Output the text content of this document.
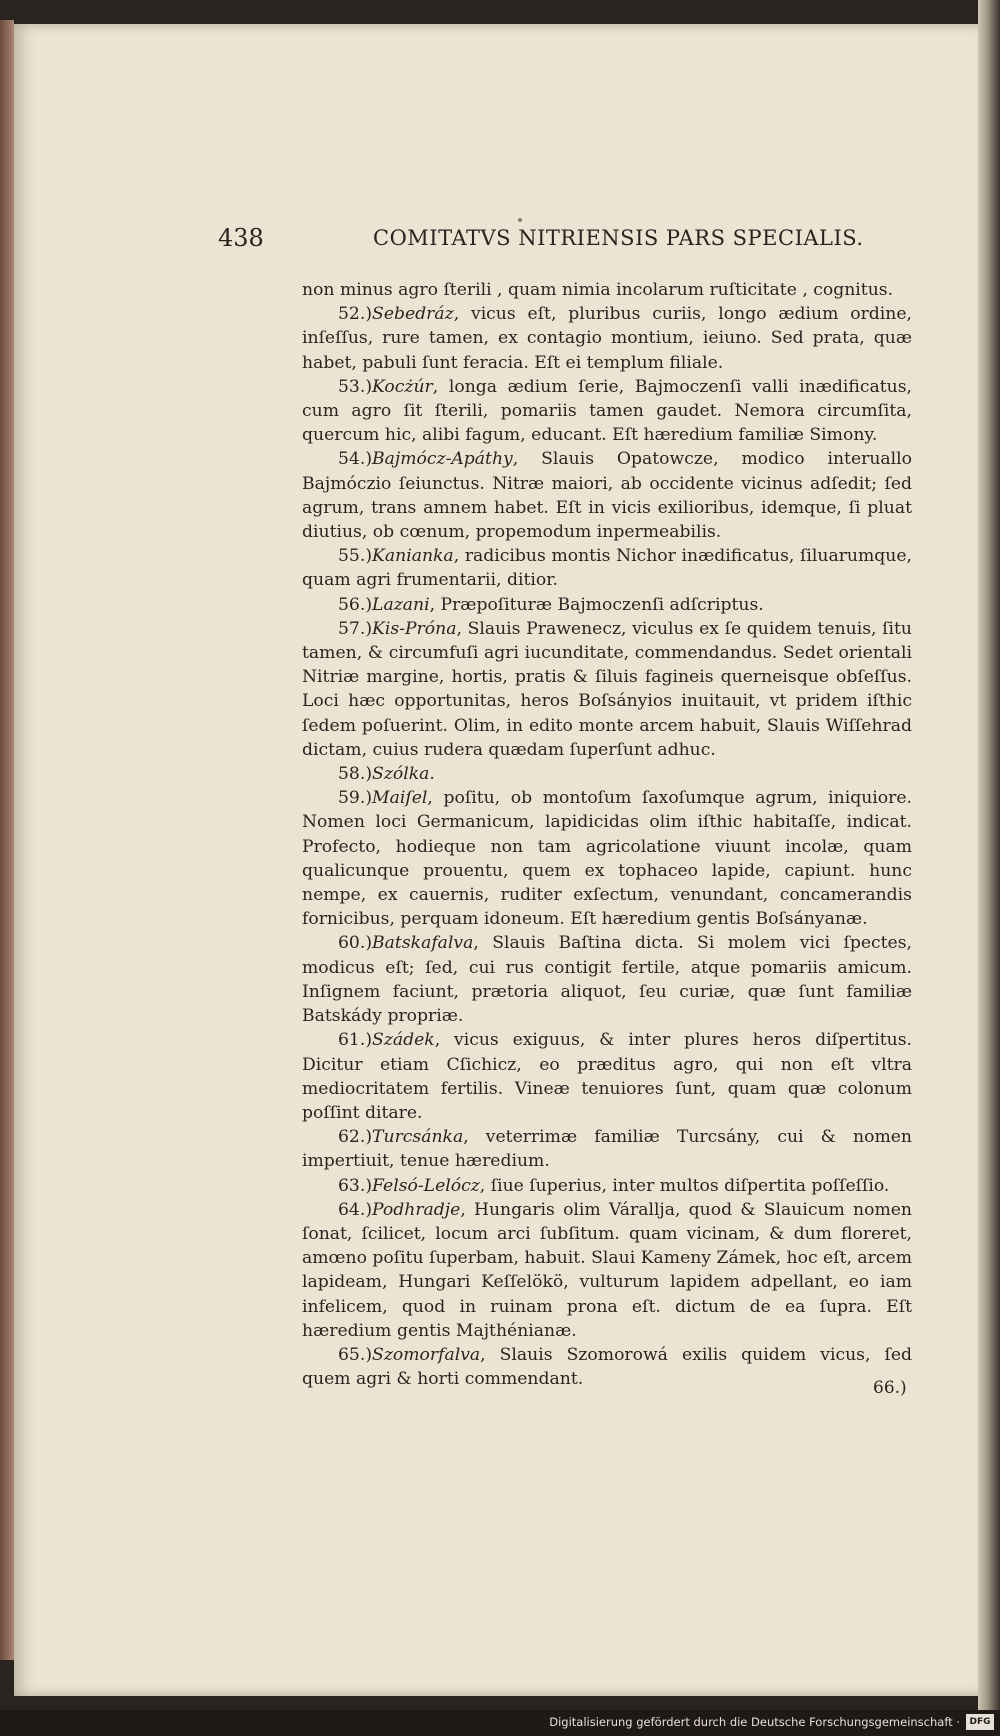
438	COMITATVS NITRIENSIS PARS SPECIALIS.

non minus agro ſterili , quam nimia incolarum ruſticitate , cognitus.

52.)Sebedráz, vicus eſt, pluribus curiis, longo ædium ordine, inſeſſus, rure tamen, ex contagio montium, ieiuno. Sed prata, quæ habet, pabuli ſunt feracia. Eſt ei templum filiale.

53.)Kocżúr, longa ædium ſerie, Bajmoczenſi valli inædificatus, cum agro ſit ſterili, pomariis tamen gaudet. Nemora circumſita, quercum hic, alibi fagum, educant. Eſt hæredium familiæ Simony.

54.)Bajmócz-Apáthy, Slauis Opatowcze, modico interuallo Bajmóczio ſeiunctus. Nitræ maiori, ab occidente vicinus adſedit; ſed agrum, trans amnem habet. Eſt in vicis exilioribus, idemque, ſi pluat diutius, ob cœnum, propemodum inpermeabilis.

55.)Kanianka, radicibus montis Nichor inædificatus, ſiluarumque, quam agri frumentarii, ditior.

56.)Lazani, Præpoſituræ Bajmoczenſi adſcriptus.

57.)Kis-Próna, Slauis Prawenecz, viculus ex ſe quidem tenuis, ſitu tamen, & circumfuſi agri iucunditate, commendandus. Sedet orientali Nitriæ margine, hortis, pratis & ſiluis fagineis querneisque obſeſſus. Loci hæc opportunitas, heros Boſsányios inuitauit, vt pridem iſthic ſedem poſuerint. Olim, in edito monte arcem habuit, Slauis Wiſſehrad dictam, cuius rudera quædam ſuperſunt adhuc.

58.)Szólka.

59.)Maiſel, poſitu, ob montoſum ſaxoſumque agrum, iniquiore. Nomen loci Germanicum, lapidicidas olim iſthic habitaſſe, indicat. Profecto, hodieque non tam agricolatione viuunt incolæ, quam qualicunque prouentu, quem ex tophaceo lapide, capiunt. hunc nempe, ex cauernis, ruditer exſectum, venundant, concamerandis fornicibus, perquam idoneum. Eſt hæredium gentis Boſsányanæ.

60.)Batskafalva, Slauis Baſtina dicta. Si molem vici ſpectes, modicus eſt; ſed, cui rus contigit fertile, atque pomariis amicum. Inſignem faciunt, prætoria aliquot, ſeu curiæ, quæ ſunt familiæ Batskády propriæ.

61.)Szádek, vicus exiguus, & inter plures heros diſpertitus. Dicitur etiam Cſichicz, eo præditus agro, qui non eſt vltra mediocritatem fertilis. Vineæ tenuiores ſunt, quam quæ colonum poſſint ditare.

62.)Turcsánka, veterrimæ familiæ Turcsány, cui & nomen impertiuit, tenue hæredium.

63.)Felsó-Lelócz, ſiue ſuperius, inter multos diſpertita poſſeſſio.

64.)Podhradje, Hungaris olim Várallja, quod & Slauicum nomen ſonat, ſcilicet, locum arci ſubſitum. quam vicinam, & dum floreret, amœno poſitu ſuperbam, habuit. Slaui Kameny Zámek, hoc eſt, arcem lapideam, Hungari Keſſelökö, vulturum lapidem adpellant, eo iam infelicem, quod in ruinam prona eſt. dictum de ea ſupra. Eſt hæredium gentis Majthénianæ.

65.)Szomorfalva, Slauis Szomorowá exilis quidem vicus, ſed quem agri & horti commendant.	66.)
Digitalisierung gefördert durch die Deutsche Forschungsgemeinschaft ·	DFG
